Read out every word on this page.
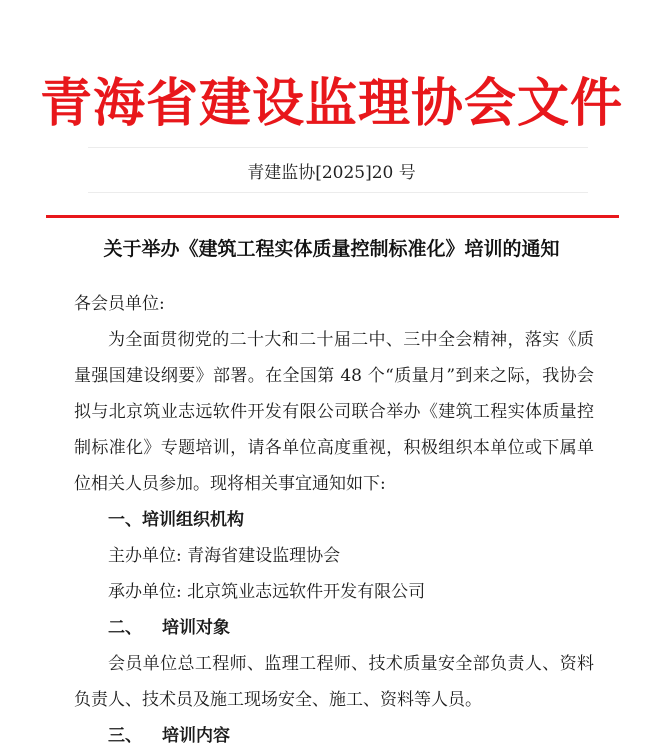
青海省建设监理协会文件
青建监协[2025]20 号
关于举办《建筑工程实体质量控制标准化》培训的通知

各会员单位:

为全面贯彻党的二十大和二十届二中、三中全会精神，落实《质量强国建设纲要》部署。在全国第 48 个“质量月”到来之际，我协会拟与北京筑业志远软件开发有限公司联合举办《建筑工程实体质量控制标准化》专题培训，请各单位高度重视，积极组织本单位或下属单位相关人员参加。现将相关事宜通知如下:

一、培训组织机构

主办单位: 青海省建设监理协会

承办单位: 北京筑业志远软件开发有限公司

二、 培训对象

会员单位总工程师、监理工程师、技术质量安全部负责人、资料负责人、技术员及施工现场安全、施工、资料等人员。

三、 培训内容
